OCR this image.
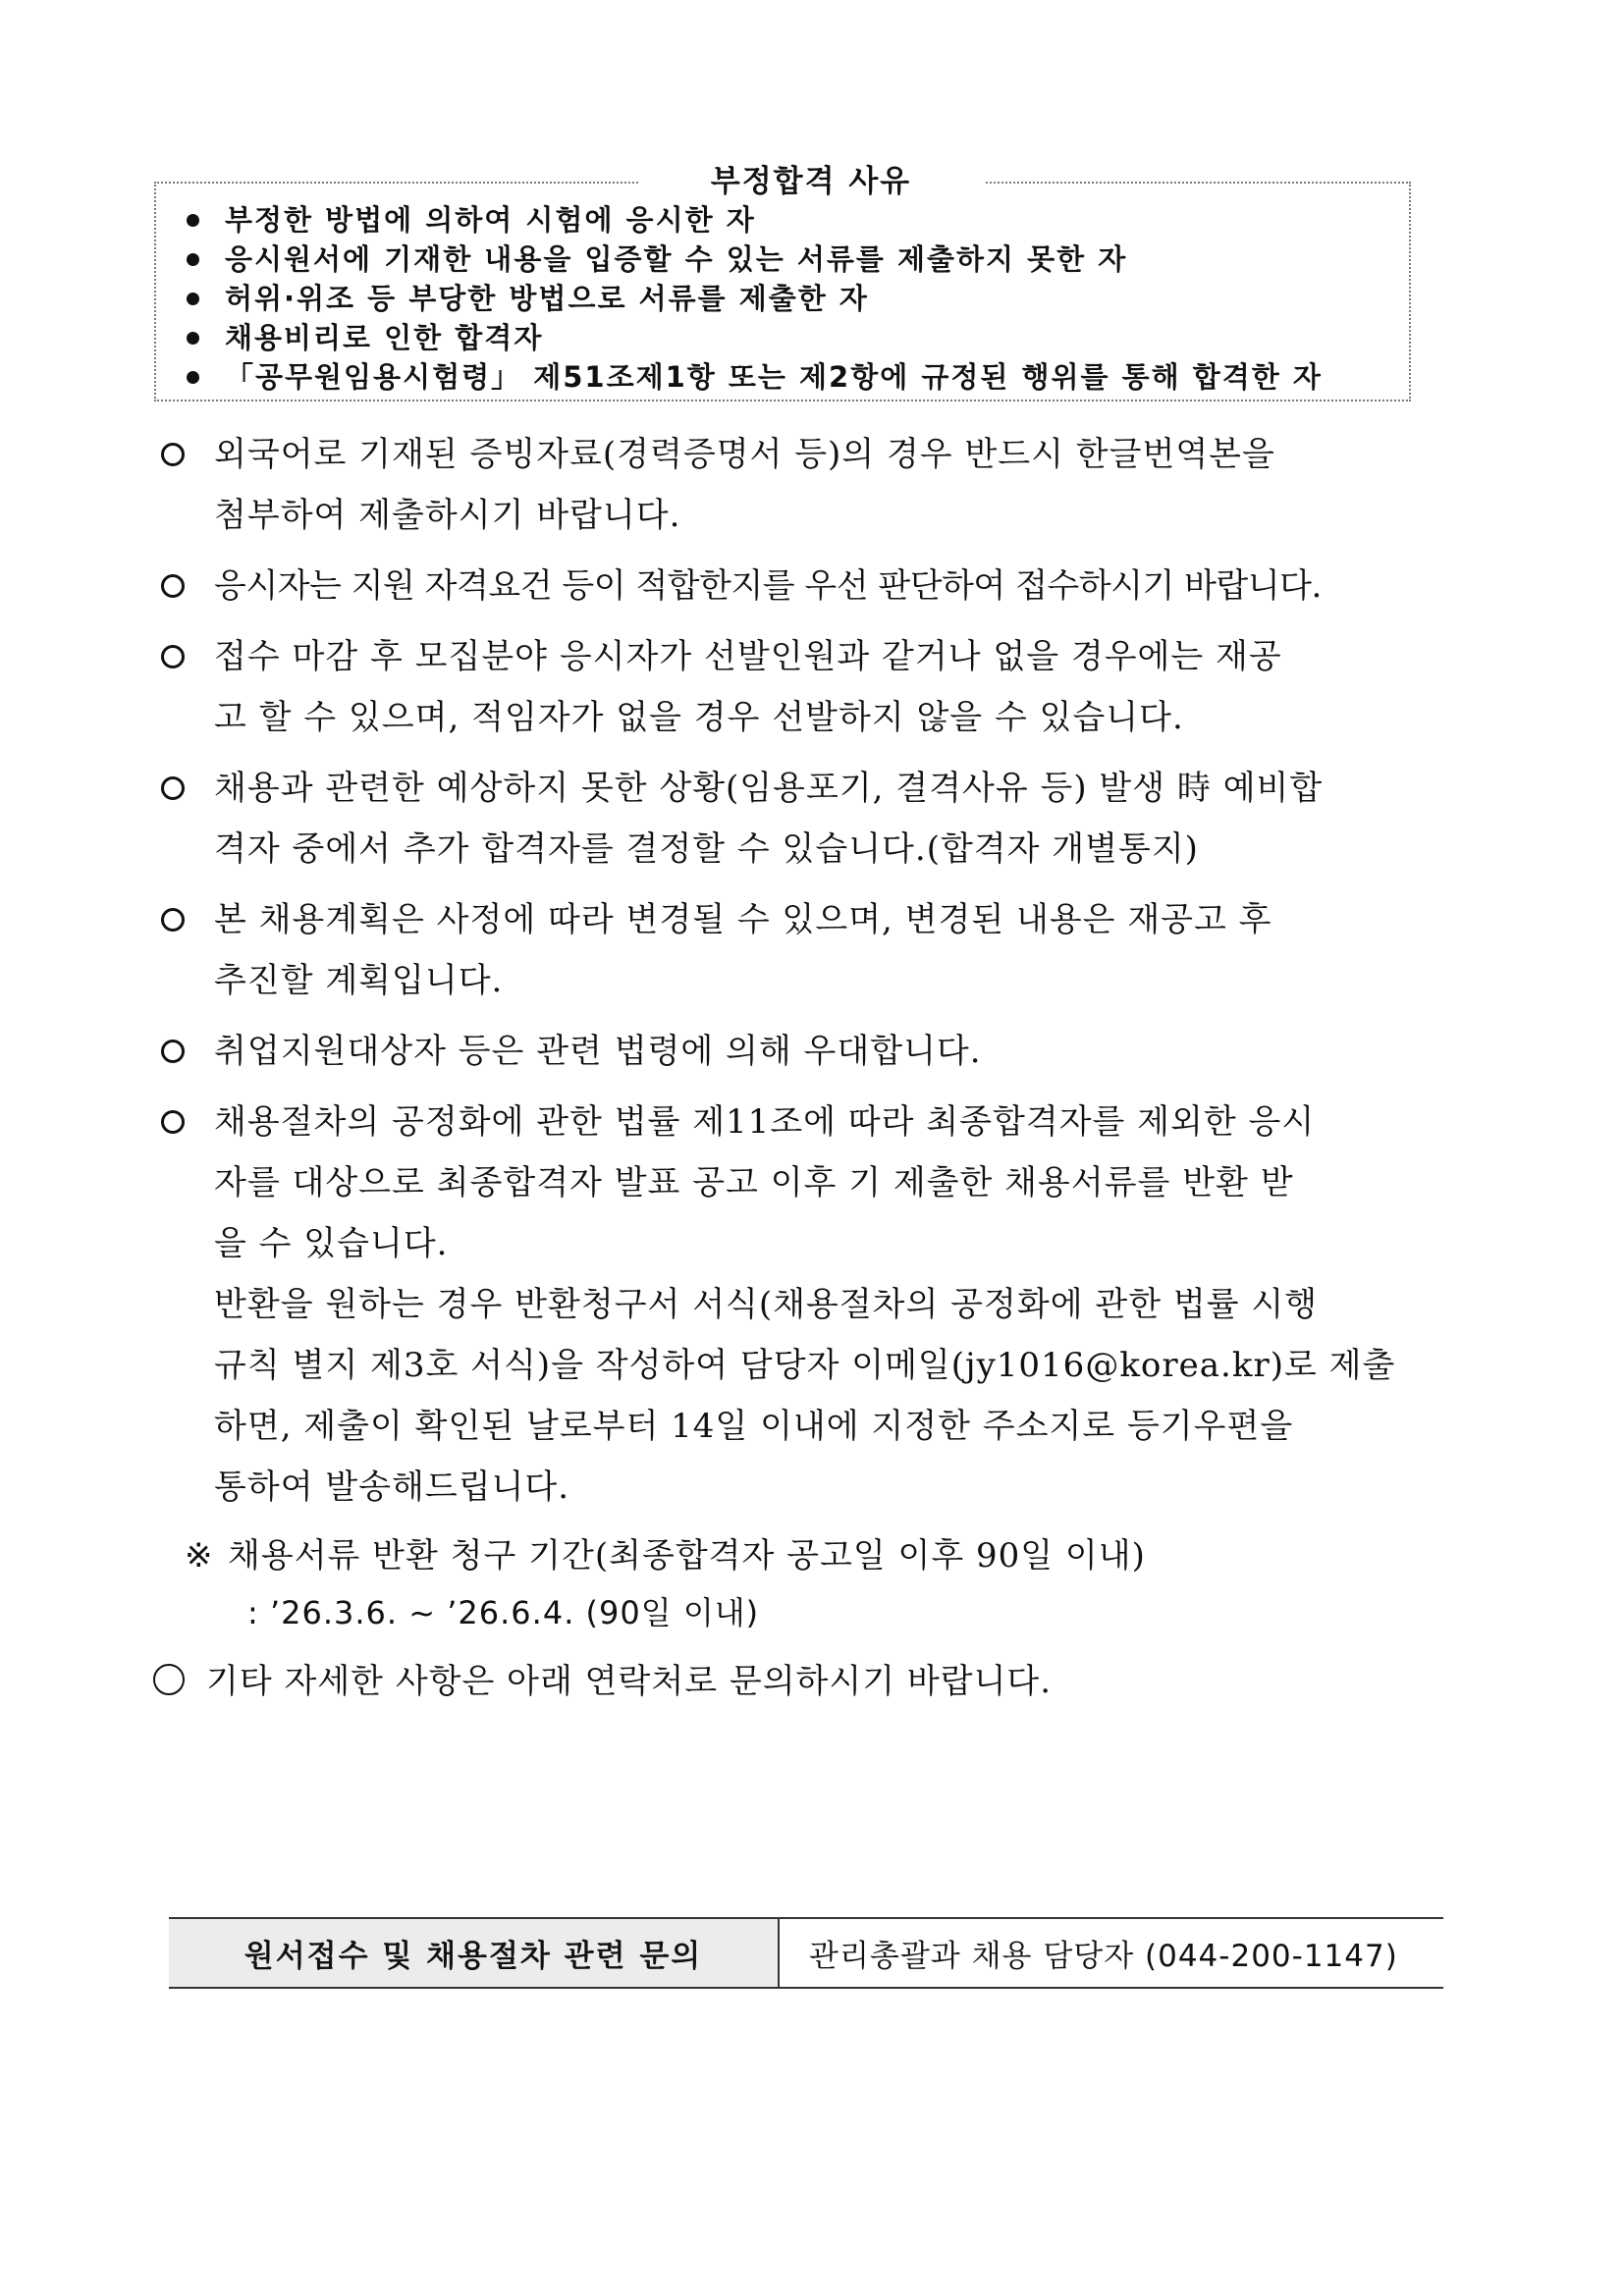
부정합격 사유
부정한 방법에 의하여 시험에 응시한 자
응시원서에 기재한 내용을 입증할 수 있는 서류를 제출하지 못한 자
허위·위조 등 부당한 방법으로 서류를 제출한 자
채용비리로 인한 합격자
「공무원임용시험령」 제51조제1항 또는 제2항에 규정된 행위를 통해 합격한 자
외국어로 기재된 증빙자료(경력증명서 등)의 경우 반드시 한글번역본을
첨부하여 제출하시기 바랍니다.
응시자는 지원 자격요건 등이 적합한지를 우선 판단하여 접수하시기 바랍니다.
접수 마감 후 모집분야 응시자가 선발인원과 같거나 없을 경우에는 재공
고 할 수 있으며, 적임자가 없을 경우 선발하지 않을 수 있습니다.
채용과 관련한 예상하지 못한 상황(임용포기, 결격사유 등) 발생 時 예비합
격자 중에서 추가 합격자를 결정할 수 있습니다.(합격자 개별통지)
본 채용계획은 사정에 따라 변경될 수 있으며, 변경된 내용은 재공고 후
추진할 계획입니다.
취업지원대상자 등은 관련 법령에 의해 우대합니다.
채용절차의 공정화에 관한 법률 제11조에 따라 최종합격자를 제외한 응시
자를 대상으로 최종합격자 발표 공고 이후 기 제출한 채용서류를 반환 받
을 수 있습니다.
반환을 원하는 경우 반환청구서 서식(채용절차의 공정화에 관한 법률 시행
규칙 별지 제3호 서식)을 작성하여 담당자 이메일(jy1016@korea.kr)로 제출
하면, 제출이 확인된 날로부터 14일 이내에 지정한 주소지로 등기우편을
통하여 발송해드립니다.
※ 채용서류 반환 청구 기간(최종합격자 공고일 이후 90일 이내)
: ’26.3.6. ~ ’26.6.4. (90일 이내)
기타 자세한 사항은 아래 연락처로 문의하시기 바랍니다.
원서접수 및 채용절차 관련 문의	관리총괄과 채용 담당자 (044-200-1147)
